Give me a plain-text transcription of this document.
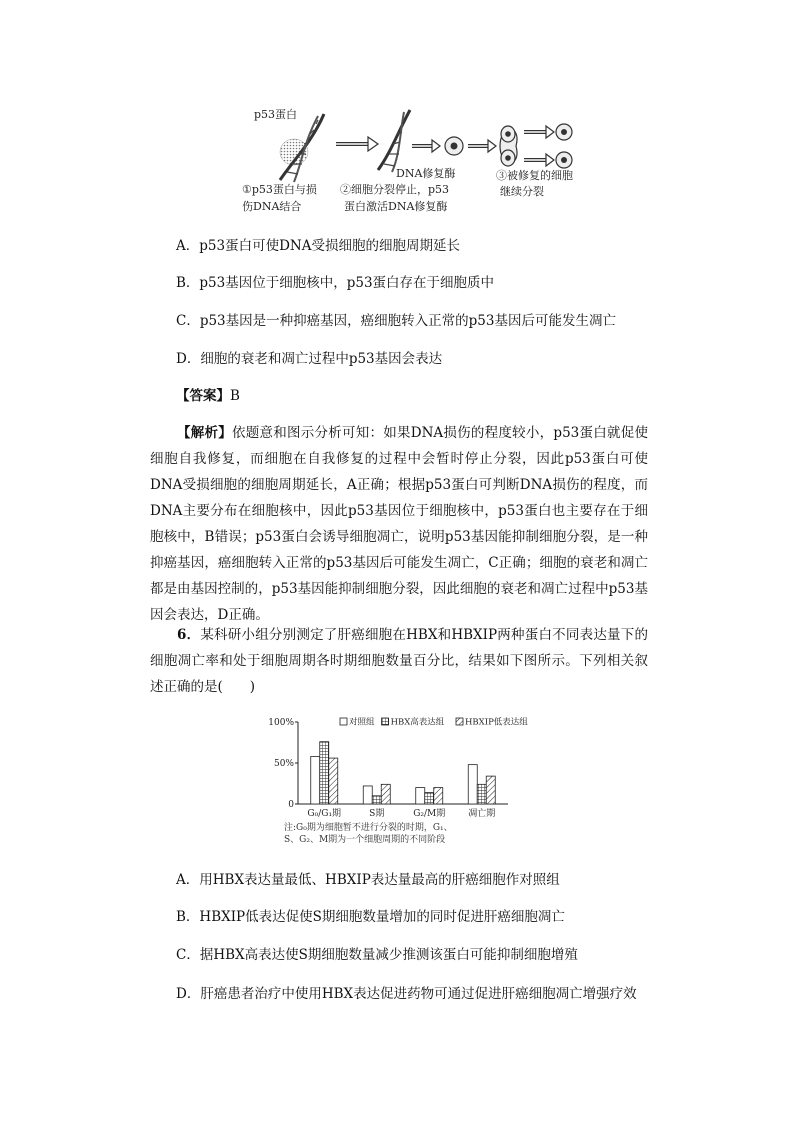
p53蛋白
DNA修复酶
①p53蛋白与损
伤DNA结合
②细胞分裂停止，p53
蛋白激活DNA修复酶
③被修复的细胞
继续分裂
A．p53蛋白可使DNA受损细胞的细胞周期延长
B．p53基因位于细胞核中，p53蛋白存在于细胞质中
C．p53基因是一种抑癌基因，癌细胞转入正常的p53基因后可能发生凋亡
D．细胞的衰老和凋亡过程中p53基因会表达
【答案】B
【解析】依题意和图示分析可知：如果DNA损伤的程度较小，p53蛋白就促使细胞自我修复，而细胞在自我修复的过程中会暂时停止分裂，因此p53蛋白可使DNA受损细胞的细胞周期延长，A正确；根据p53蛋白可判断DNA损伤的程度，而DNA主要分布在细胞核中，因此p53基因位于细胞核中，p53蛋白也主要存在于细胞核中，B错误；p53蛋白会诱导细胞凋亡，说明p53基因能抑制细胞分裂，是一种抑癌基因，癌细胞转入正常的p53基因后可能发生凋亡，C正确；细胞的衰老和凋亡都是由基因控制的，p53基因能抑制细胞分裂，因此细胞的衰老和凋亡过程中p53基因会表达，D正确。
6．某科研小组分别测定了肝癌细胞在HBX和HBXIP两种蛋白不同表达量下的细胞凋亡率和处于细胞周期各时期细胞数量百分比，结果如下图所示。下列相关叙述正确的是(　　)
0
50%
100%
G₀/G₁期	S期	G₂/M期	凋亡期
对照组 HBX高表达组 HBXIP低表达组
注:G₀期为细胞暂不进行分裂的时期，G₁、
S、G₂、M期为一个细胞周期的不同阶段
A．用HBX表达量最低、HBXIP表达量最高的肝癌细胞作对照组
B．HBXIP低表达促使S期细胞数量增加的同时促进肝癌细胞凋亡
C．据HBX高表达使S期细胞数量减少推测该蛋白可能抑制细胞增殖
D．肝癌患者治疗中使用HBX表达促进药物可通过促进肝癌细胞凋亡增强疗效
